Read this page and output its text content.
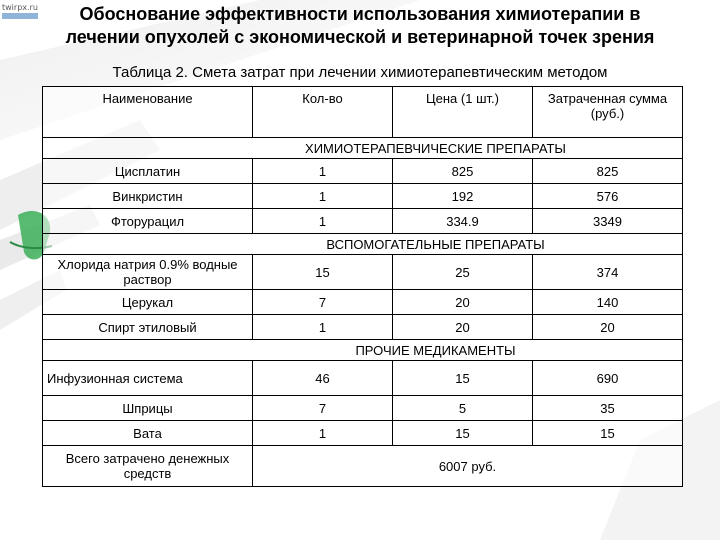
twirpx.ru	Обоснование эффективности использования химиотерапии в
лечении опухолей с экономической и ветеринарной точек зрения
Таблица 2. Смета затрат при лечении химиотерапевтическим методом
Наименование	Кол-во	Цена (1 шт.)	Затраченная сумма (руб.)
ХИМИОТЕРАПЕВЧИЧЕСКИЕ ПРЕПАРАТЫ			
Цисплатин	1	825	825
Винкристин	1	192	576
Фторурацил	1	334.9	3349
ВСПОМОГАТЕЛЬНЫЕ ПРЕПАРАТЫ			
Хлорида натрия 0.9% водные раствор	15	25	374
Церукал	7	20	140
Спирт этиловый	1	20	20
ПРОЧИЕ МЕДИКАМЕНТЫ			
Инфузионная система	46	15	690
Шприцы	7	5	35
Вата	1	15	15
Всего затрачено денежных средств	6007 руб.		
